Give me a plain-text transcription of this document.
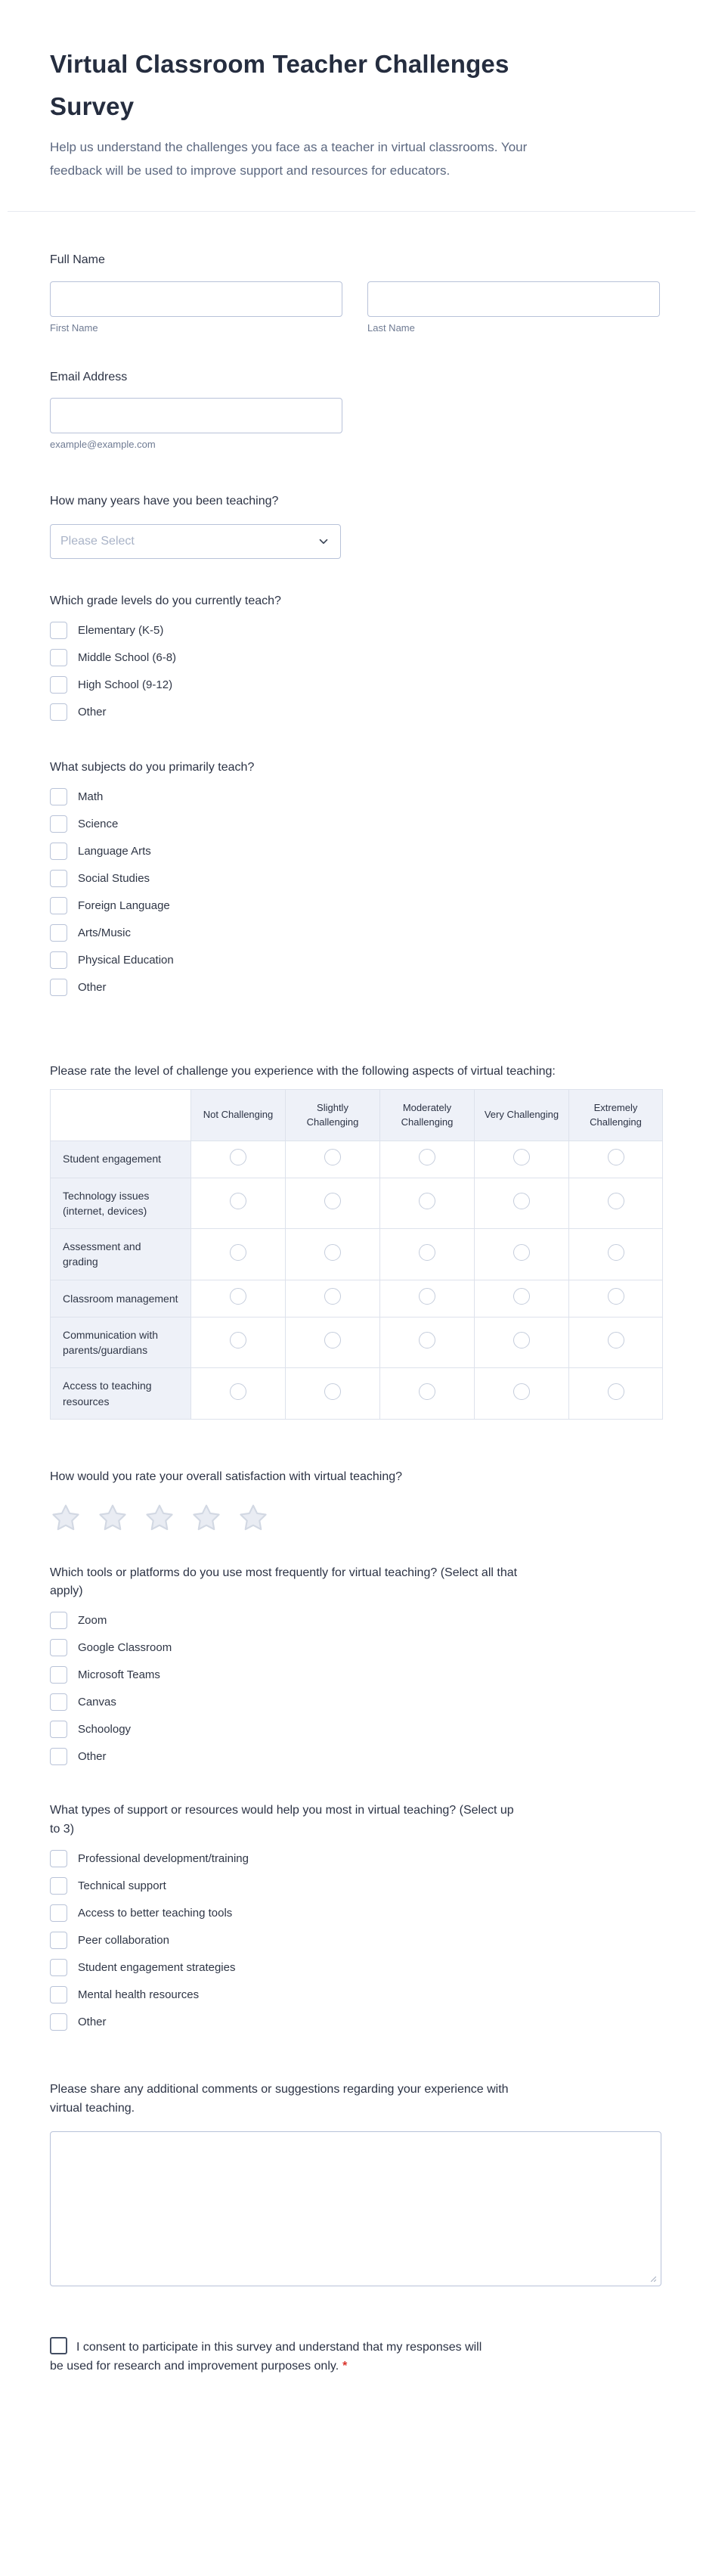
Virtual Classroom Teacher Challenges Survey

Help us understand the challenges you face as a teacher in virtual classrooms. Your feedback will be used to improve support and resources for educators.

Full Name
First Name	Last Name
Email Address
example@example.com
How many years have you been teaching?
Please Select
Which grade levels do you currently teach?
Elementary (K-5)
Middle School (6-8)
High School (9-12)
Other
What subjects do you primarily teach?
Math
Science
Language Arts
Social Studies
Foreign Language
Arts/Music
Physical Education
Other
Please rate the level of challenge you experience with the following aspects of virtual teaching:
	Not Challenging	Slightly Challenging	Moderately Challenging	Very Challenging	Extremely Challenging
Student engagement					
Technology issues (internet, devices)					
Assessment and grading					
Classroom management					
Communication with parents/guardians					
Access to teaching resources					
How would you rate your overall satisfaction with virtual teaching?
Which tools or platforms do you use most frequently for virtual teaching? (Select all that apply)
Zoom
Google Classroom
Microsoft Teams
Canvas
Schoology
Other
What types of support or resources would help you most in virtual teaching? (Select up to 3)
Professional development/training
Technical support
Access to better teaching tools
Peer collaboration
Student engagement strategies
Mental health resources
Other
Please share any additional comments or suggestions regarding your experience with virtual teaching.
I consent to participate in this survey and understand that my responses will be used for research and improvement purposes only. *
